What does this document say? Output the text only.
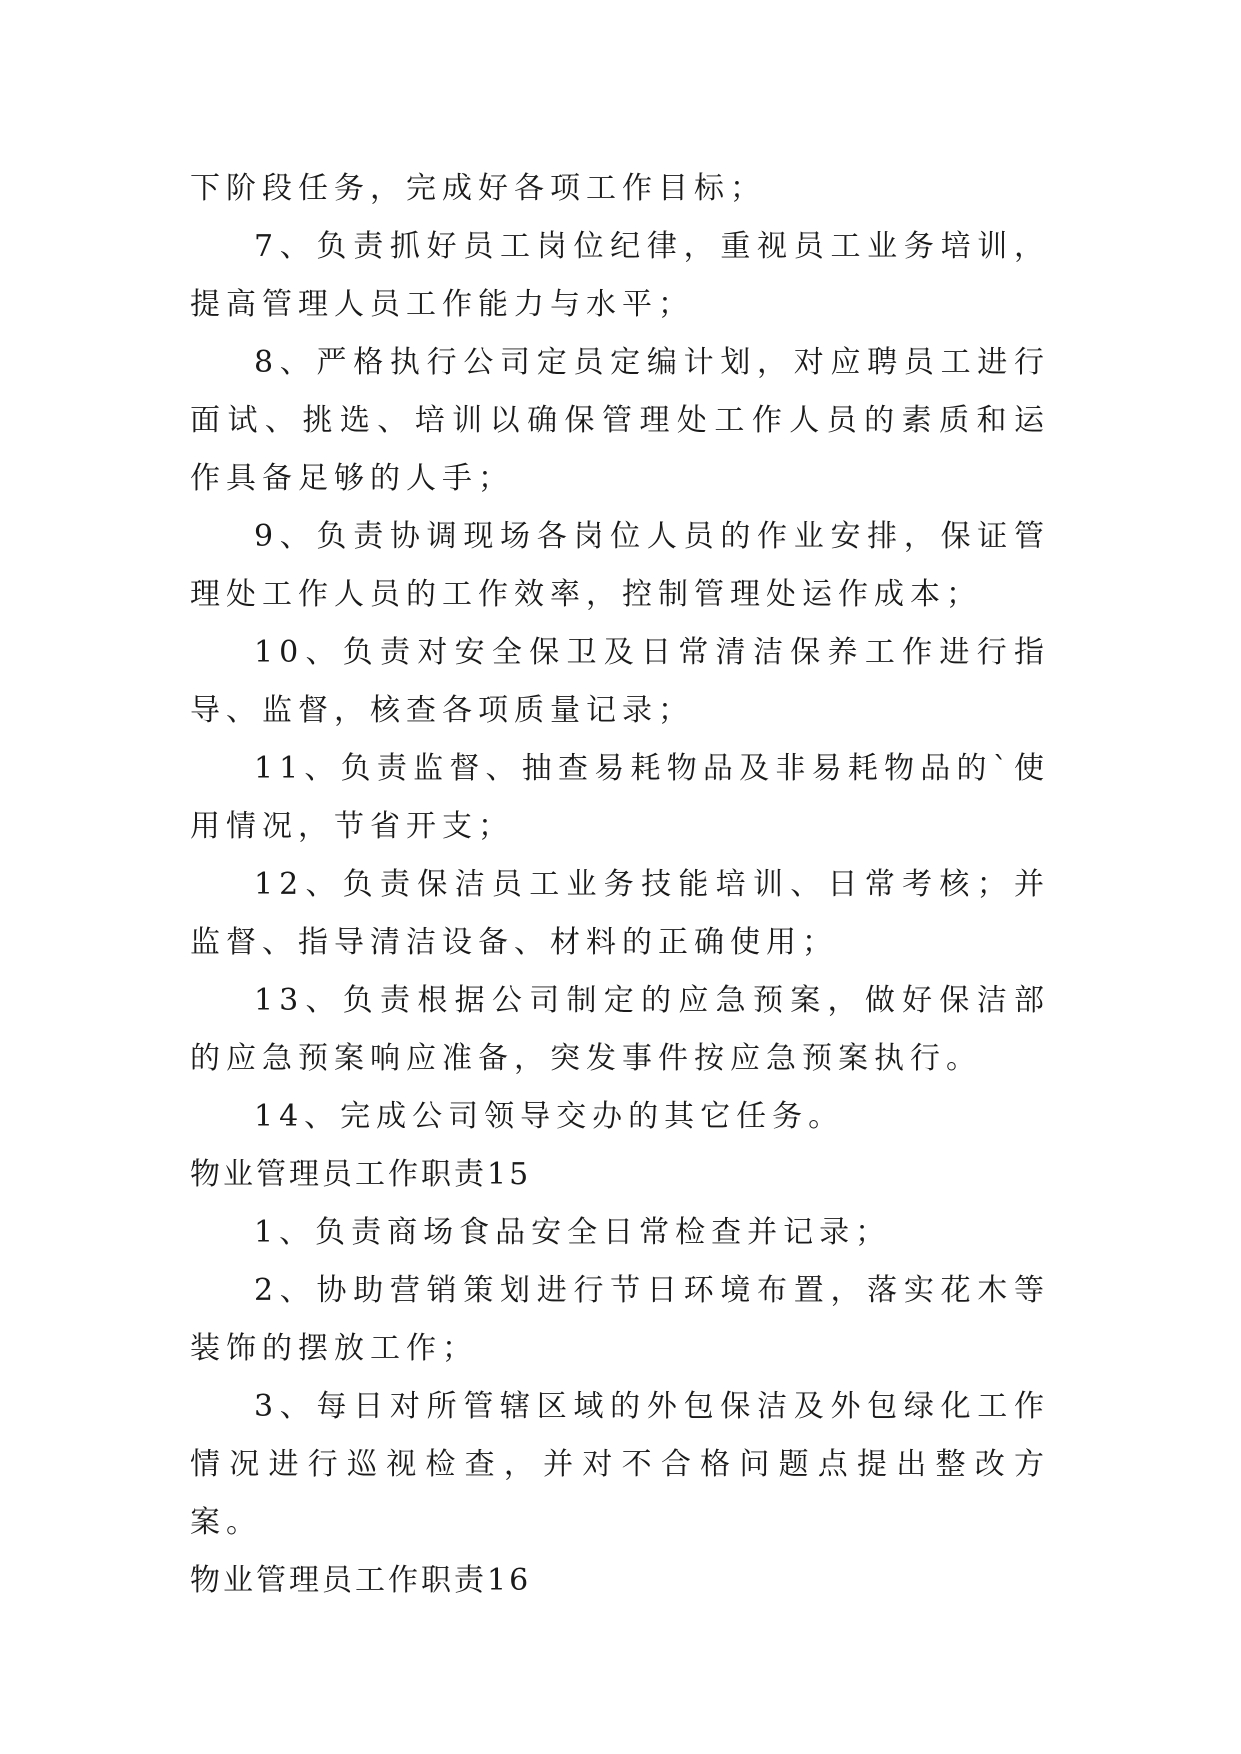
下阶段任务，完成好各项工作目标；

7、负责抓好员工岗位纪律，重视员工业务培训，提高管理人员工作能力与水平；

8、严格执行公司定员定编计划，对应聘员工进行面试、挑选、培训以确保管理处工作人员的素质和运作具备足够的人手；

9、负责协调现场各岗位人员的作业安排，保证管理处工作人员的工作效率，控制管理处运作成本；

10、负责对安全保卫及日常清洁保养工作进行指导、监督，核查各项质量记录；

11、负责监督、抽查易耗物品及非易耗物品的`使用情况，节省开支；

12、负责保洁员工业务技能培训、日常考核；并监督、指导清洁设备、材料的正确使用；

13、负责根据公司制定的应急预案，做好保洁部的应急预案响应准备，突发事件按应急预案执行。

14、完成公司领导交办的其它任务。

物业管理员工作职责15

1、负责商场食品安全日常检查并记录；

2、协助营销策划进行节日环境布置，落实花木等装饰的摆放工作；

3、每日对所管辖区域的外包保洁及外包绿化工作情况进行巡视检查，并对不合格问题点提出整改方案。

物业管理员工作职责16
